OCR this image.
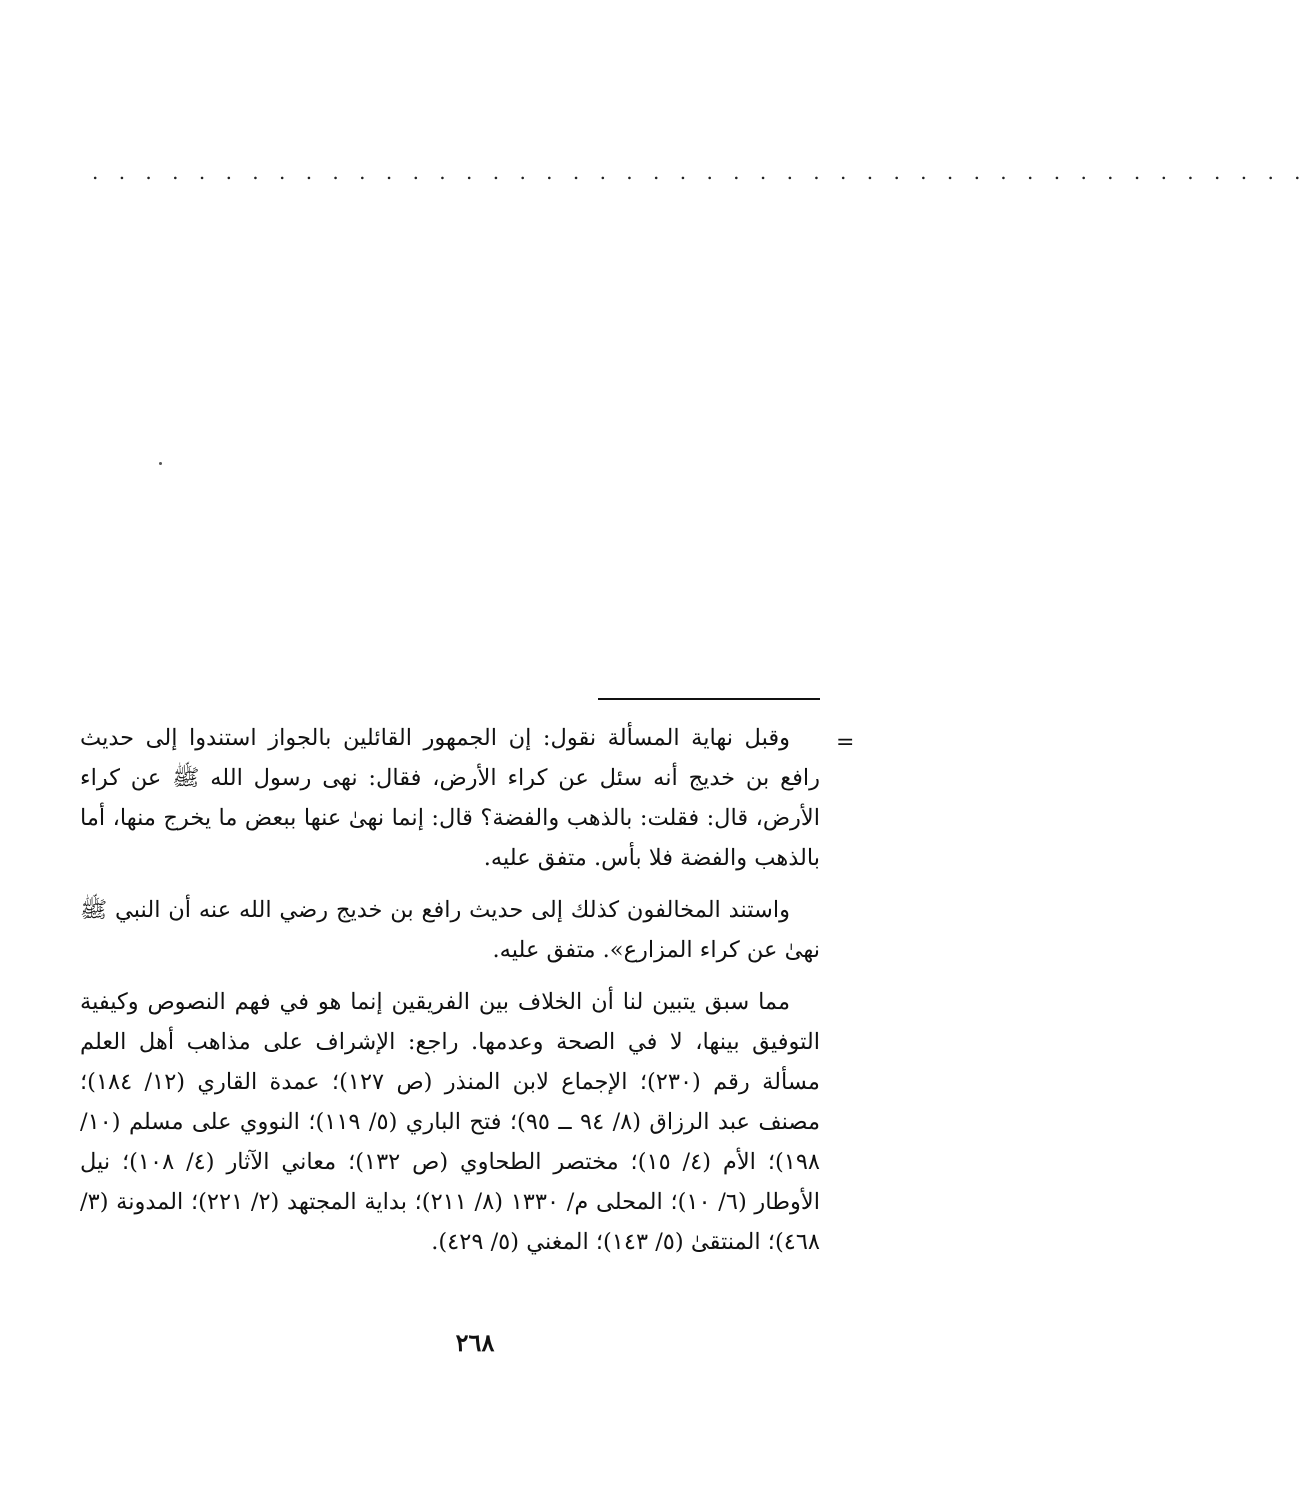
. . . . . . . . . . . . . . . . . . . . . . . . . . . . . . . . . . . . . . . . . . . . . .
=

وقبل نهاية المسألة نقول: إن الجمهور القائلين بالجواز استندوا إلى حديث رافع بن خديج أنه سئل عن كراء الأرض، فقال: نهى رسول الله ﷺ عن كراء الأرض، قال: فقلت: بالذهب والفضة؟ قال: إنما نهىٰ عنها ببعض ما يخرج منها، أما بالذهب والفضة فلا بأس. متفق عليه.

واستند المخالفون كذلك إلى حديث رافع بن خديج رضي الله عنه أن النبي ﷺ نهىٰ عن كراء المزارع». متفق عليه.

مما سبق يتبين لنا أن الخلاف بين الفريقين إنما هو في فهم النصوص وكيفية التوفيق بينها، لا في الصحة وعدمها. راجع: الإشراف على مذاهب أهل العلم مسألة رقم (٢٣٠)؛ الإجماع لابن المنذر (ص ١٢٧)؛ عمدة القاري (١٢/ ١٨٤)؛ مصنف عبد الرزاق (٨/ ٩٤ ــ ٩٥)؛ فتح الباري (٥/ ١١٩)؛ النووي على مسلم (١٠/ ١٩٨)؛ الأم (٤/ ١٥)؛ مختصر الطحاوي (ص ١٣٢)؛ معاني الآثار (٤/ ١٠٨)؛ نيل الأوطار (٦/ ١٠)؛ المحلى م/ ١٣٣٠ (٨/ ٢١١)؛ بداية المجتهد (٢/ ٢٢١)؛ المدونة (٣/ ٤٦٨)؛ المنتقىٰ (٥/ ١٤٣)؛ المغني (٥/ ٤٢٩).

٢٦٨
